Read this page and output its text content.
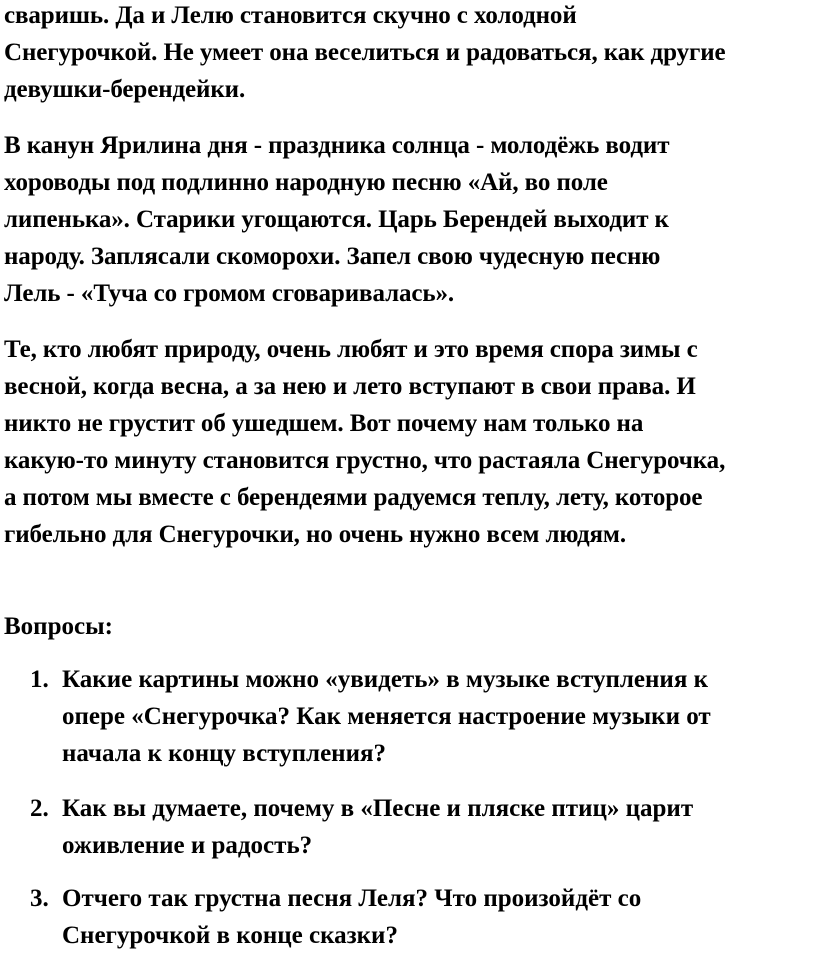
сваришь. Да и Лелю становится скучно с холодной
Снегурочкой. Не умеет она веселиться и радоваться, как другие
девушки-берендейки.

В канун Ярилина дня - праздника солнца - молодёжь водит
хороводы под подлинно народную песню «Ай, во поле
липенька». Старики угощаются. Царь Берендей выходит к
народу. Заплясали скоморохи. Запел свою чудесную песню
Лель - «Туча со громом сговаривалась».

Те, кто любят природу, очень любят и это время спора зимы с
весной, когда весна, а за нею и лето вступают в свои права. И
никто не грустит об ушедшем. Вот почему нам только на
какую-то минуту становится грустно, что растаяла Снегурочка,
а потом мы вместе с берендеями радуемся теплу, лету, которое
гибельно для Снегурочки, но очень нужно всем людям.

Вопросы:
1. Какие картины можно «увидеть» в музыке вступления к
опере «Снегурочка? Как меняется настроение музыки от
начала к концу вступления?
2. Как вы думаете, почему в «Песне и пляске птиц» царит
оживление и радость?
3. Отчего так грустна песня Леля? Что произойдёт со
Снегурочкой в конце сказки?
